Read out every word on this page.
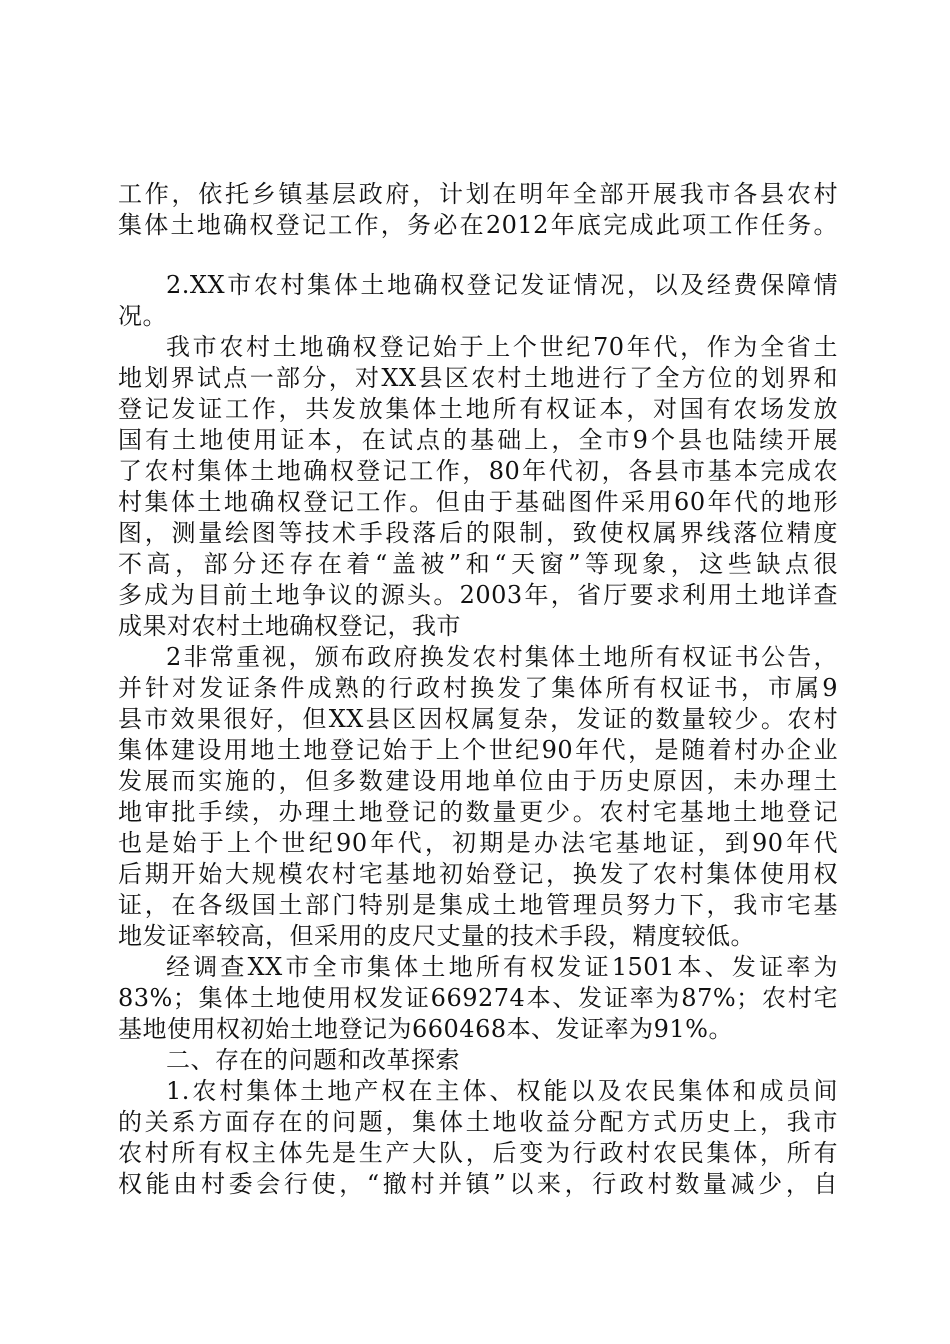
工作，依托乡镇基层政府，计划在明年全部开展我市各县农村
集体土地确权登记工作，务必在2012年底完成此项工作任务。
2.XX市农村集体土地确权登记发证情况，以及经费保障情
况。
我市农村土地确权登记始于上个世纪70年代，作为全省土
地划界试点一部分，对XX县区农村土地进行了全方位的划界和
登记发证工作，共发放集体土地所有权证本，对国有农场发放
国有土地使用证本，在试点的基础上，全市9个县也陆续开展
了农村集体土地确权登记工作，80年代初，各县市基本完成农
村集体土地确权登记工作。但由于基础图件采用60年代的地形
图，测量绘图等技术手段落后的限制，致使权属界线落位精度
不高，部分还存在着“盖被”和“天窗”等现象，这些缺点很
多成为目前土地争议的源头。2003年，省厅要求利用土地详查
成果对农村土地确权登记，我市
2非常重视，颁布政府换发农村集体土地所有权证书公告，
并针对发证条件成熟的行政村换发了集体所有权证书，市属9
县市效果很好，但XX县区因权属复杂，发证的数量较少。农村
集体建设用地土地登记始于上个世纪90年代，是随着村办企业
发展而实施的，但多数建设用地单位由于历史原因，未办理土
地审批手续，办理土地登记的数量更少。农村宅基地土地登记
也是始于上个世纪90年代，初期是办法宅基地证，到90年代
后期开始大规模农村宅基地初始登记，换发了农村集体使用权
证，在各级国土部门特别是集成土地管理员努力下，我市宅基
地发证率较高，但采用的皮尺丈量的技术手段，精度较低。
经调查XX市全市集体土地所有权发证1501本、发证率为
83%；集体土地使用权发证669274本、发证率为87%；农村宅
基地使用权初始土地登记为660468本、发证率为91%。
二、存在的问题和改革探索
1.农村集体土地产权在主体、权能以及农民集体和成员间
的关系方面存在的问题，集体土地收益分配方式历史上，我市
农村所有权主体先是生产大队，后变为行政村农民集体，所有
权能由村委会行使，“撤村并镇”以来，行政村数量减少，自
